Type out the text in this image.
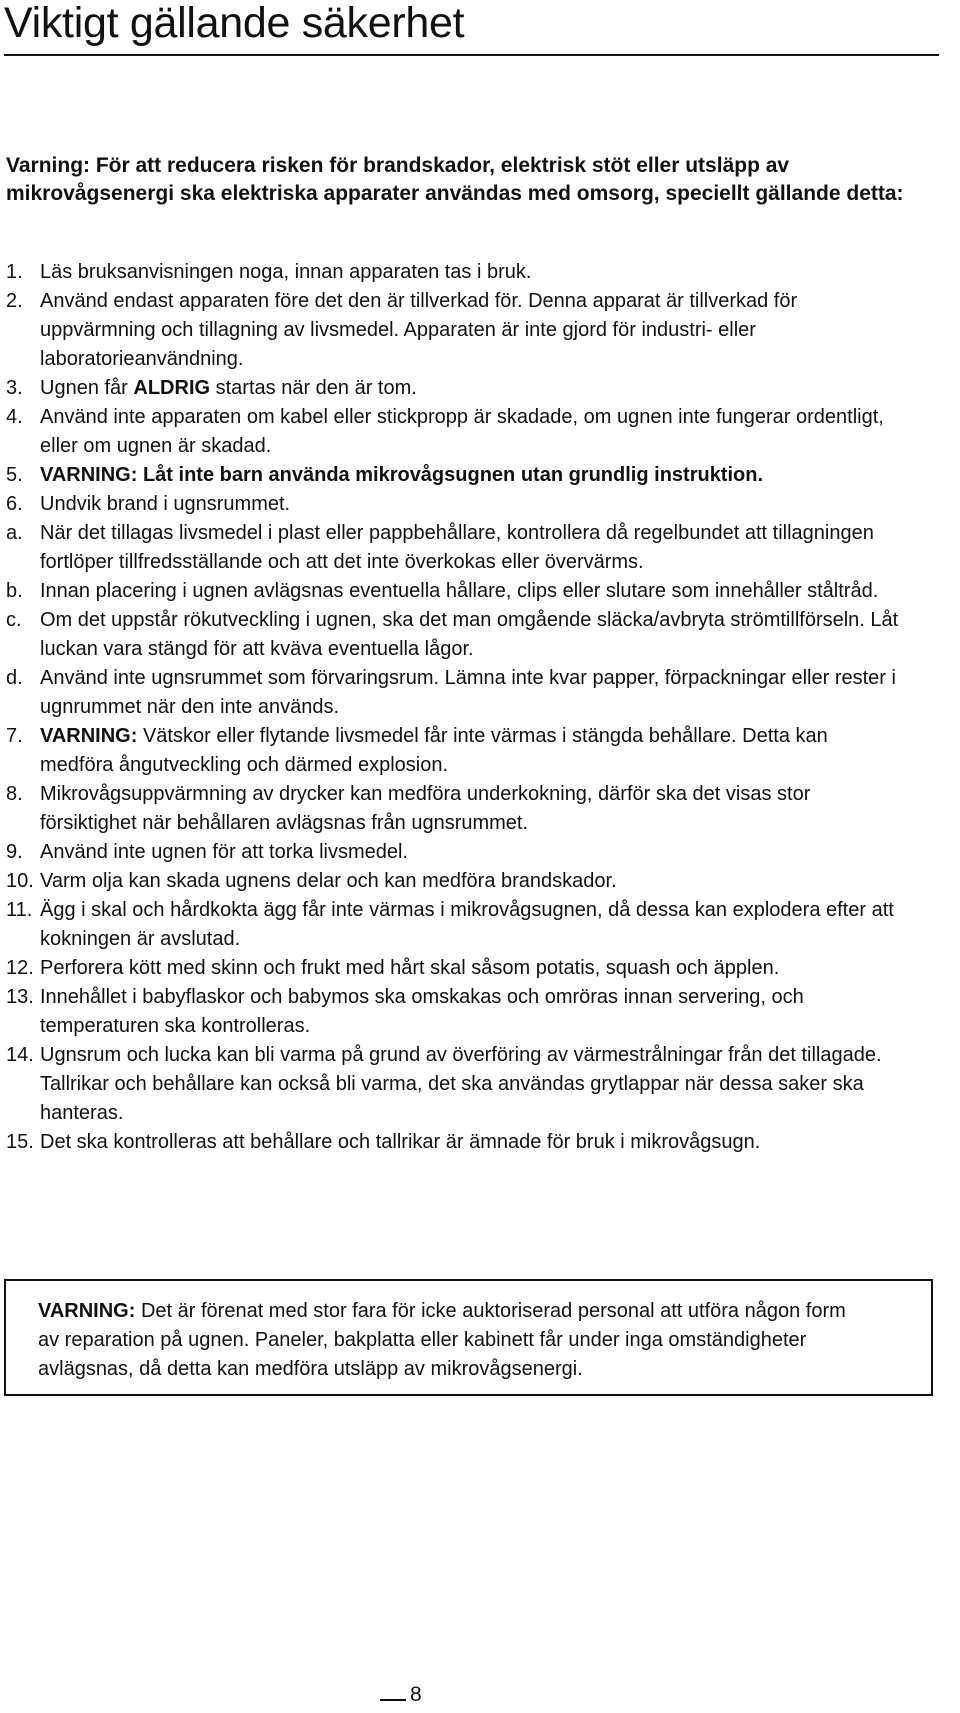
Viktigt gällande säkerhet

Varning: För att reducera risken för brandskador, elektrisk stöt eller utsläpp av mikrovågsenergi ska elektriska apparater användas med omsorg, speciellt gällande detta:

1. Läs bruksanvisningen noga, innan apparaten tas i bruk.
2. Använd endast apparaten före det den är tillverkad för. Denna apparat är tillverkad för uppvärmning och tillagning av livsmedel. Apparaten är inte gjord för industri- eller laboratorieanvändning.
3. Ugnen får ALDRIG startas när den är tom.
4. Använd inte apparaten om kabel eller stickpropp är skadade, om ugnen inte fungerar ordentligt, eller om ugnen är skadad.
5. VARNING: Låt inte barn använda mikrovågsugnen utan grundlig instruktion.
6. Undvik brand i ugnsrummet.
a. När det tillagas livsmedel i plast eller pappbehållare, kontrollera då regelbundet att tillagningen fortlöper tillfredsställande och att det inte överkokas eller övervärms.
b. Innan placering i ugnen avlägsnas eventuella hållare, clips eller slutare som innehåller ståltråd.
c. Om det uppstår rökutveckling i ugnen, ska det man omgående släcka/avbryta strömtillförseln. Låt luckan vara stängd för att kväva eventuella lågor.
d. Använd inte ugnsrummet som förvaringsrum. Lämna inte kvar papper, förpackningar eller rester i ugnrummet när den inte används.
7. VARNING: Vätskor eller flytande livsmedel får inte värmas i stängda behållare. Detta kan medföra ångutveckling och därmed explosion.
8. Mikrovågsuppvärmning av drycker kan medföra underkokning, därför ska det visas stor försiktighet när behållaren avlägsnas från ugnsrummet.
9. Använd inte ugnen för att torka livsmedel.
10. Varm olja kan skada ugnens delar och kan medföra brandskador.
11. Ägg i skal och hårdkokta ägg får inte värmas i mikrovågsugnen, då dessa kan explodera efter att kokningen är avslutad.
12. Perforera kött med skinn och frukt med hårt skal såsom potatis, squash och äpplen.
13. Innehållet i babyflaskor och babymos ska omskakas och omröras innan servering, och temperaturen ska kontrolleras.
14. Ugnsrum och lucka kan bli varma på grund av överföring av värmestrålningar från det tillagade. Tallrikar och behållare kan också bli varma, det ska användas grytlappar när dessa saker ska hanteras.
15. Det ska kontrolleras att behållare och tallrikar är ämnade för bruk i mikrovågsugn.

VARNING: Det är förenat med stor fara för icke auktoriserad personal att utföra någon form av reparation på ugnen. Paneler, bakplatta eller kabinett får under inga omständigheter avlägsnas, då detta kan medföra utsläpp av mikrovågsenergi.

8
